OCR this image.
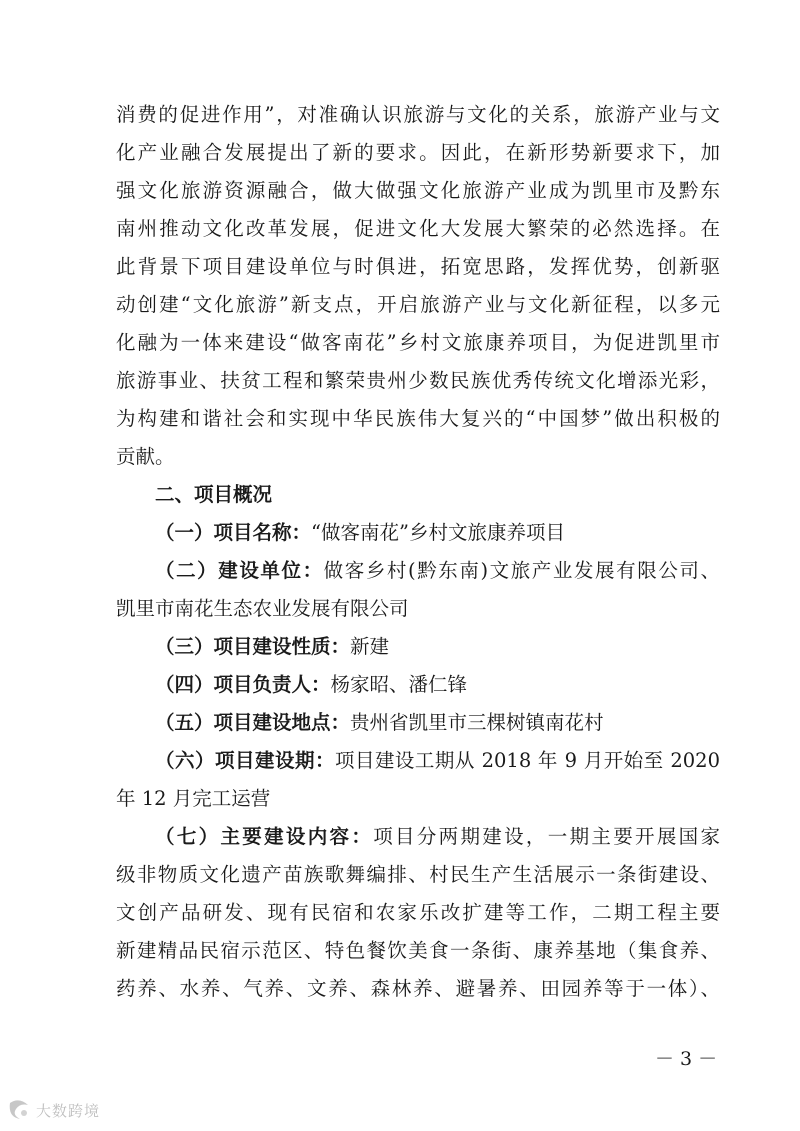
消费的促进作用”，对准确认识旅游与文化的关系，旅游产业与文
化产业融合发展提出了新的要求。因此，在新形势新要求下，加
强文化旅游资源融合，做大做强文化旅游产业成为凯里市及黔东
南州推动文化改革发展，促进文化大发展大繁荣的必然选择。在
此背景下项目建设单位与时俱进，拓宽思路，发挥优势，创新驱
动创建“文化旅游”新支点，开启旅游产业与文化新征程，以多元
化融为一体来建设“做客南花”乡村文旅康养项目，为促进凯里市
旅游事业、扶贫工程和繁荣贵州少数民族优秀传统文化增添光彩，
为构建和谐社会和实现中华民族伟大复兴的“中国梦”做出积极的
贡献。
二、项目概况
（一）项目名称：“做客南花”乡村文旅康养项目
（二）建设单位：做客乡村(黔东南)文旅产业发展有限公司、
凯里市南花生态农业发展有限公司
（三）项目建设性质：新建
（四）项目负责人：杨家昭、潘仁锋
（五）项目建设地点：贵州省凯里市三棵树镇南花村
（六）项目建设期：项目建设工期从 2018 年 9 月开始至 2020
年 12 月完工运营
（七）主要建设内容：项目分两期建设，一期主要开展国家
级非物质文化遗产苗族歌舞编排、村民生产生活展示一条街建设、
文创产品研发、现有民宿和农家乐改扩建等工作，二期工程主要
新建精品民宿示范区、特色餐饮美食一条街、康养基地（集食养、
药养、水养、气养、文养、森林养、避暑养、田园养等于一体）、
－ 3 －
大数跨境
